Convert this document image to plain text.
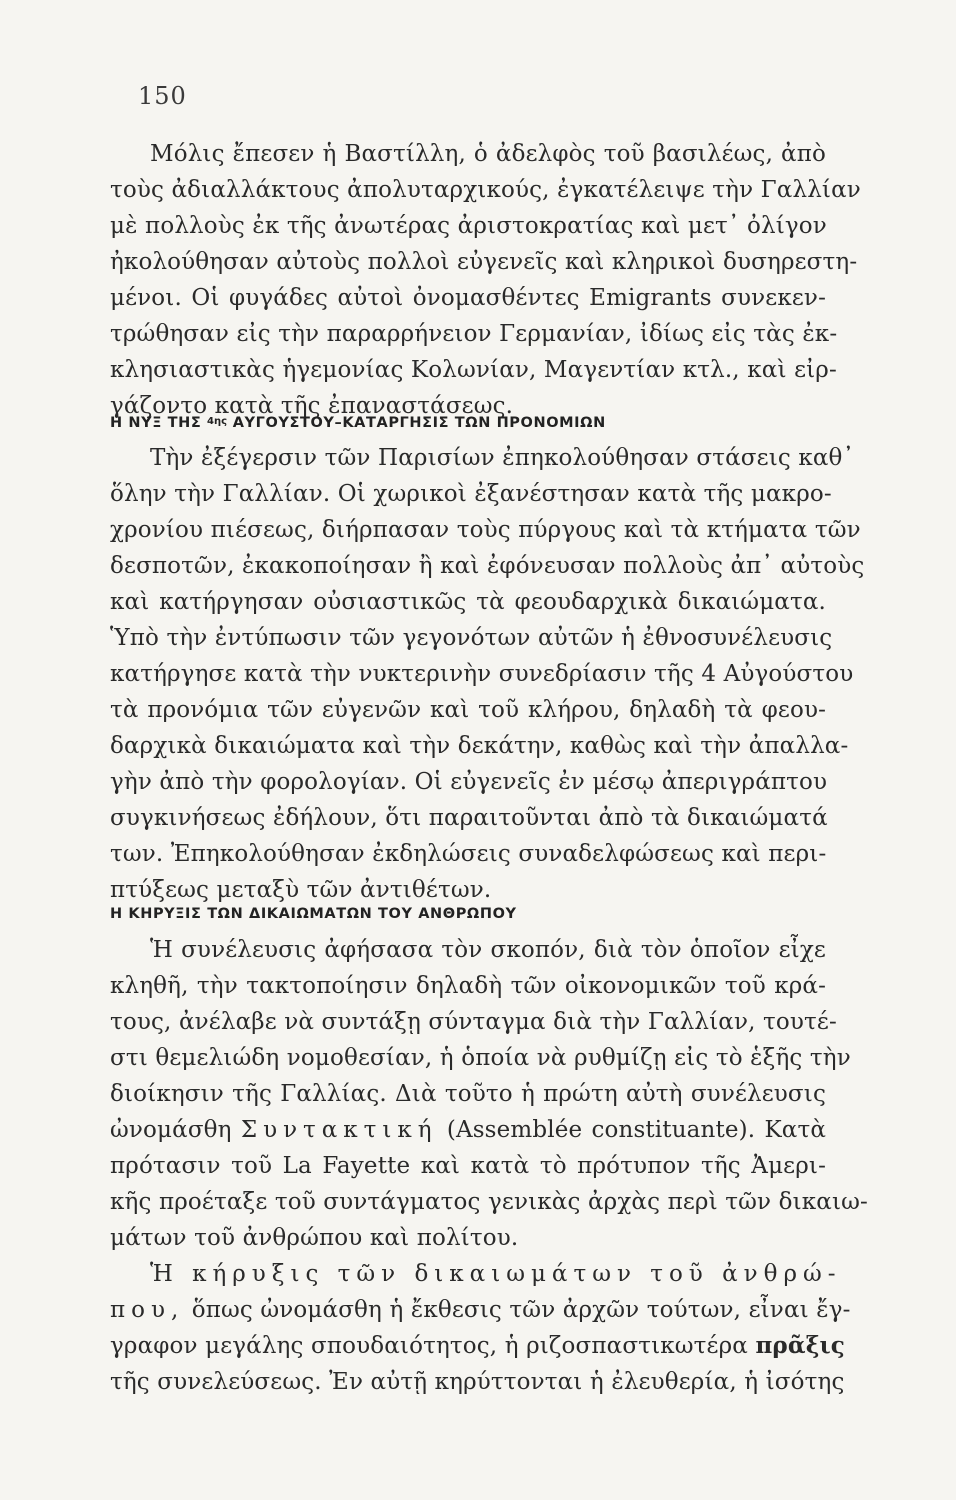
150
Μόλις ἔπεσεν ἡ Βαστίλλη, ὁ ἀδελφὸς τοῦ βασιλέως, ἀπὸ
τοὺς ἀδιαλλάκτους ἀπολυταρχικούς, ἐγκατέλειψε τὴν Γαλλίαν
μὲ πολλοὺς ἐκ τῆς ἀνωτέρας ἀριστοκρατίας καὶ μετ᾽ ὀλίγον
ἠκολούθησαν αὐτοὺς πολλοὶ εὐγενεῖς καὶ κληρικοὶ δυσηρεστη-
μένοι. Οἱ φυγάδες αὐτοὶ ὀνομασθέντες Emigrants συνεκεν-
τρώθησαν εἰς τὴν παραρρήνειον Γερμανίαν, ἰδίως εἰς τὰς ἐκ-
κλησιαστικὰς ἡγεμονίας Κολωνίαν, Μαγεντίαν κτλ., καὶ εἰρ-
γάζοντο κατὰ τῆς ἐπαναστάσεως.
Η ΝΥΞ ΤΗΣ $^{4\eta\varsigma}$ ΑΥΓΟΥΣΤΟΥ–ΚΑΤΑΡΓΗΣΙΣ ΤΩΝ ΠΡΟΝΟΜΙΩΝ
Τὴν ἐξέγερσιν τῶν Παρισίων ἐπηκολούθησαν στάσεις καθ᾽
ὅλην τὴν Γαλλίαν. Οἱ χωρικοὶ ἐξανέστησαν κατὰ τῆς μακρο-
χρονίου πιέσεως, διήρπασαν τοὺς πύργους καὶ τὰ κτήματα τῶν
δεσποτῶν, ἐκακοποίησαν ἢ καὶ ἐφόνευσαν πολλοὺς ἀπ᾽ αὐτοὺς
καὶ κατήργησαν οὐσιαστικῶς τὰ φεουδαρχικὰ δικαιώματα.
Ὑπὸ τὴν ἐντύπωσιν τῶν γεγονότων αὐτῶν ἡ ἐθνοσυνέλευσις
κατήργησε κατὰ τὴν νυκτερινὴν συνεδρίασιν τῆς 4 Αὐγούστου
τὰ προνόμια τῶν εὐγενῶν καὶ τοῦ κλήρου, δηλαδὴ τὰ φεου-
δαρχικὰ δικαιώματα καὶ τὴν δεκάτην, καθὼς καὶ τὴν ἀπαλλα-
γὴν ἀπὸ τὴν φορολογίαν. Οἱ εὐγενεῖς ἐν μέσῳ ἀπεριγράπτου
συγκινήσεως ἐδήλουν, ὅτι παραιτοῦνται ἀπὸ τὰ δικαιώματά
των. Ἐπηκολούθησαν ἐκδηλώσεις συναδελφώσεως καὶ περι-
πτύξεως μεταξὺ τῶν ἀντιθέτων.
Η ΚΗΡΥΞΙΣ ΤΩΝ ΔΙΚΑΙΩΜΑΤΩΝ ΤΟΥ ΑΝΘΡΩΠΟΥ
Ἡ συνέλευσις ἀφήσασα τὸν σκοπόν, διὰ τὸν ὁποῖον εἶχε
κληθῆ, τὴν τακτοποίησιν δηλαδὴ τῶν οἰκονομικῶν τοῦ κρά-
τους, ἀνέλαβε νὰ συντάξῃ σύνταγμα διὰ τὴν Γαλλίαν, τουτέ-
στι θεμελιώδη νομοθεσίαν, ἡ ὁποία νὰ ρυθμίζῃ εἰς τὸ ἑξῆς τὴν
διοίκησιν τῆς Γαλλίας. Διὰ τοῦτο ἡ πρώτη αὐτὴ συνέλευσις
ὠνομάσθη Συντακτική (Assemblée constituante). Κατὰ
πρότασιν τοῦ La Fayette καὶ κατὰ τὸ πρότυπον τῆς Ἀμερι-
κῆς προέταξε τοῦ συντάγματος γενικὰς ἀρχὰς περὶ τῶν δικαιω-
μάτων τοῦ ἀνθρώπου καὶ πολίτου.
Ἡ κήρυξις τῶν δικαιωμάτων τοῦ ἀνθρώ-
που, ὅπως ὠνομάσθη ἡ ἔκθεσις τῶν ἀρχῶν τούτων, εἶναι ἔγ-
γραφον μεγάλης σπουδαιότητος, ἡ ριζοσπαστικωτέρα πρᾶξις
τῆς συνελεύσεως. Ἐν αὐτῇ κηρύττονται ἡ ἐλευθερία, ἡ ἰσότης
